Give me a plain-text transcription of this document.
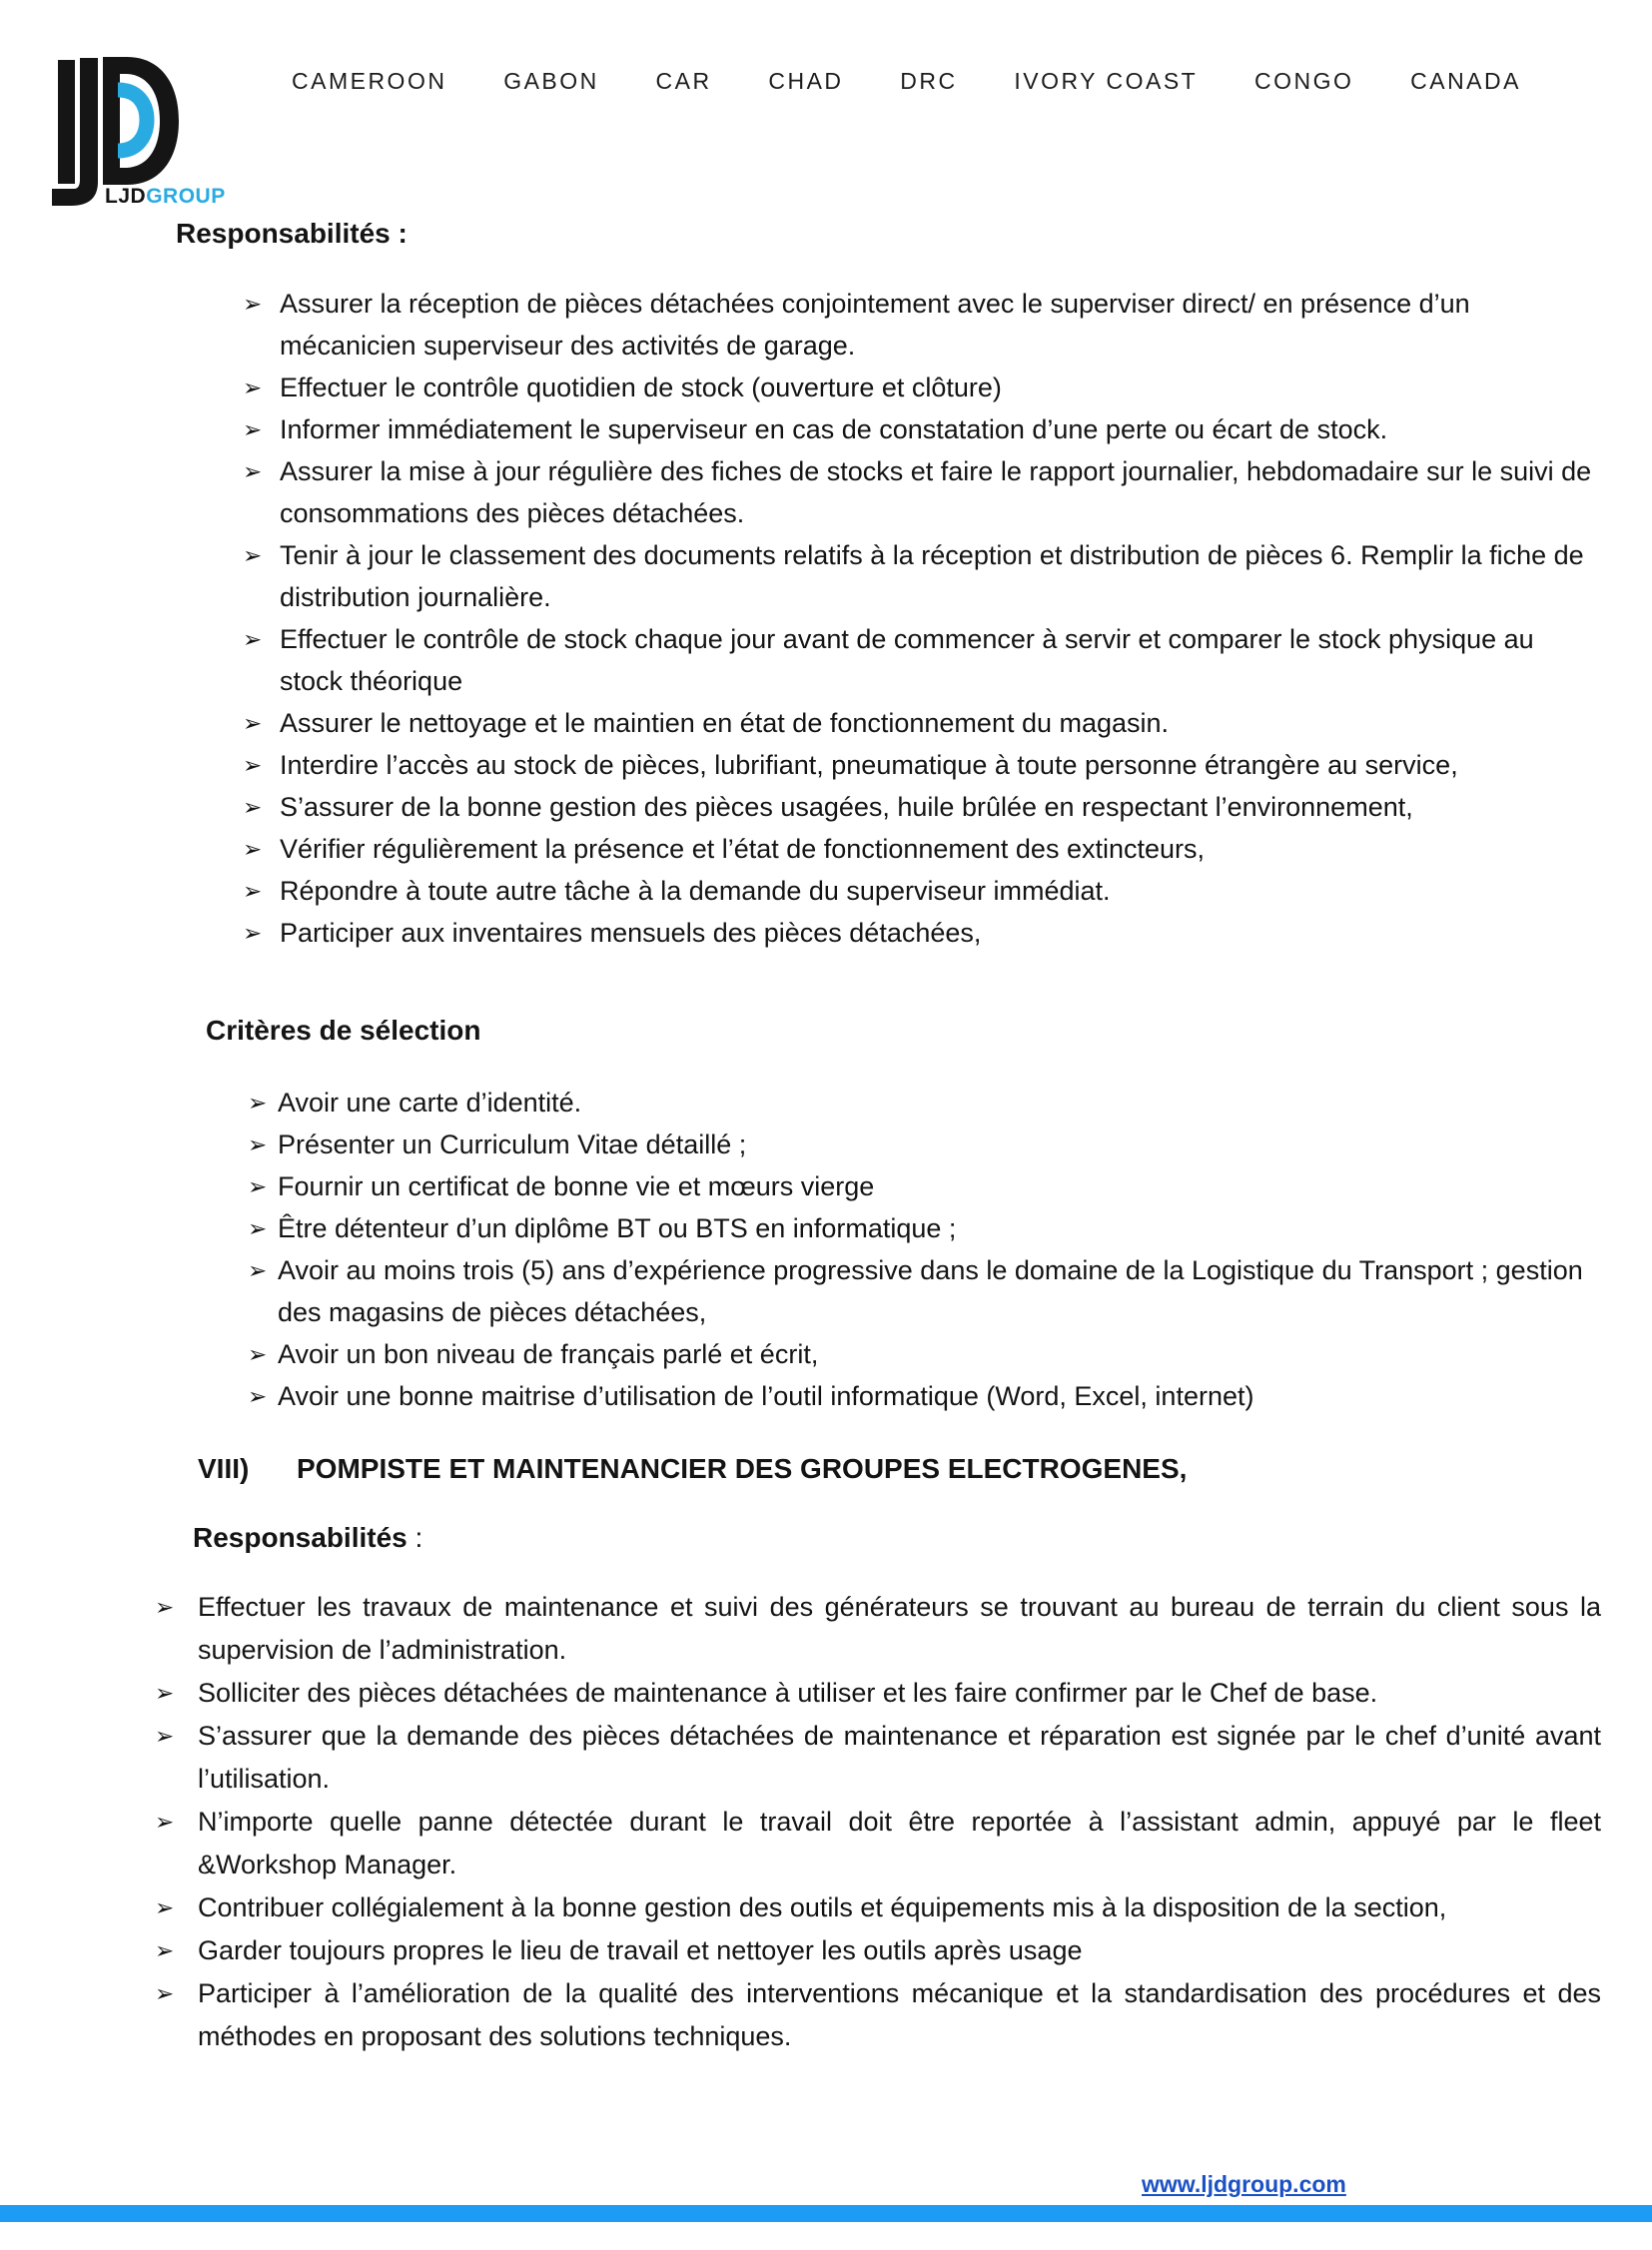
LJDGROUP
CAMEROON GABON CAR CHAD DRC IVORY COAST CONGO CANADA
Responsabilités :
➢ Assurer la réception de pièces détachées conjointement avec le superviser direct/ en présence d’un mécanicien superviseur des activités de garage.
➢ Effectuer le contrôle quotidien de stock (ouverture et clôture)
➢ Informer immédiatement le superviseur en cas de constatation d’une perte ou écart de stock.
➢ Assurer la mise à jour régulière des fiches de stocks et faire le rapport journalier, hebdomadaire sur le suivi de consommations des pièces détachées.
➢ Tenir à jour le classement des documents relatifs à la réception et distribution de pièces 6. Remplir la fiche de distribution journalière.
➢ Effectuer le contrôle de stock chaque jour avant de commencer à servir et comparer le stock physique au stock théorique
➢ Assurer le nettoyage et le maintien en état de fonctionnement du magasin.
➢ Interdire l’accès au stock de pièces, lubrifiant, pneumatique à toute personne étrangère au service,
➢ S’assurer de la bonne gestion des pièces usagées, huile brûlée en respectant l’environnement,
➢ Vérifier régulièrement la présence et l’état de fonctionnement des extincteurs,
➢ Répondre à toute autre tâche à la demande du superviseur immédiat.
➢ Participer aux inventaires mensuels des pièces détachées,
Critères de sélection
➢ Avoir une carte d’identité.
➢ Présenter un Curriculum Vitae détaillé ;
➢ Fournir un certificat de bonne vie et mœurs vierge
➢ Être détenteur d’un diplôme BT ou BTS en informatique ;
➢ Avoir au moins trois (5) ans d’expérience progressive dans le domaine de la Logistique du Transport ; gestion des magasins de pièces détachées,
➢ Avoir un bon niveau de français parlé et écrit,
➢ Avoir une bonne maitrise d’utilisation de l’outil informatique (Word, Excel, internet)
VIII) POMPISTE ET MAINTENANCIER DES GROUPES ELECTROGENES,
Responsabilités :
➢ Effectuer les travaux de maintenance et suivi des générateurs se trouvant au bureau de terrain du client sous la supervision de l’administration.
➢ Solliciter des pièces détachées de maintenance à utiliser et les faire confirmer par le Chef de base.
➢ S’assurer que la demande des pièces détachées de maintenance et réparation est signée par le chef d’unité avant l’utilisation.
➢ N’importe quelle panne détectée durant le travail doit être reportée à l’assistant admin, appuyé par le fleet &Workshop Manager.
➢ Contribuer collégialement à la bonne gestion des outils et équipements mis à la disposition de la section,
➢ Garder toujours propres le lieu de travail et nettoyer les outils après usage
➢ Participer à l’amélioration de la qualité des interventions mécanique et la standardisation des procédures et des méthodes en proposant des solutions techniques.
www.ljdgroup.com
